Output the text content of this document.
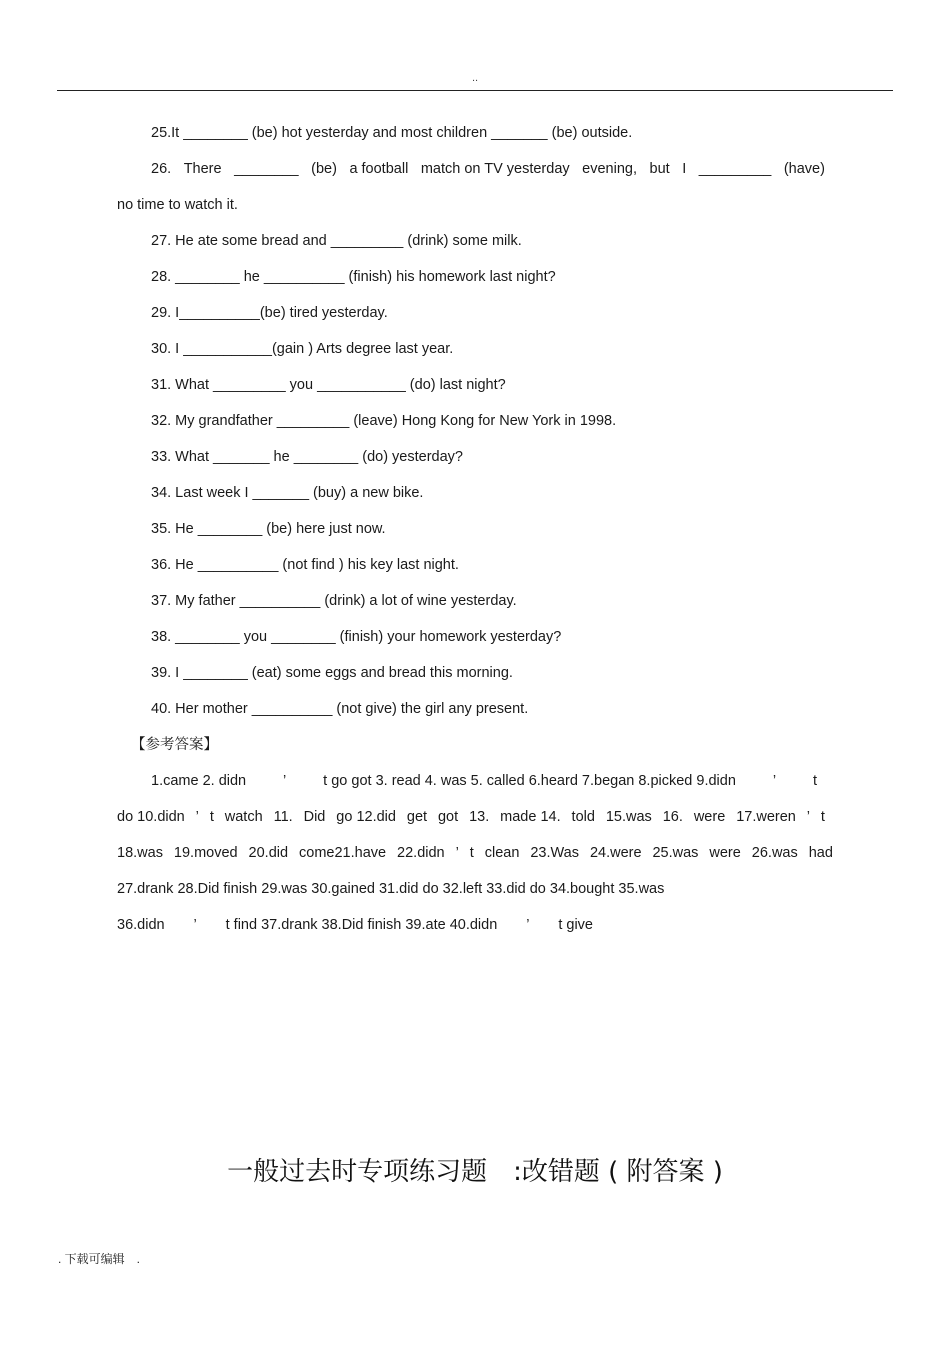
..
25.It ________ (be) hot yesterday and most children _______ (be) outside.
26. There ________ (be) a football match on TV yesterday evening, but I _________ (have)
no time to watch it.
27. He ate some bread and _________ (drink) some milk.
28. ________ he __________ (finish) his homework last night?
29. I__________(be) tired yesterday.
30. I ___________(gain ) Arts degree last year.
31. What _________ you ___________ (do) last night?
32. My grandfather _________ (leave) Hong Kong for New York in 1998.
33. What _______ he ________ (do) yesterday?
34. Last week I _______ (buy) a new bike.
35. He ________ (be) here just now.
36. He __________ (not find ) his key last night.
37. My father __________ (drink) a lot of wine yesterday.
38. ________ you ________ (finish) your homework yesterday?
39. I ________ (eat) some eggs and bread this morning.
40. Her mother __________ (not give) the girl any present.
【参考答案】
1.came 2. didn	’	t go got 3. read 4. was 5. called 6.heard 7.began 8.picked 9.didn	’	t
do 10.didn ’ t watch 11. Did go 12.did get got 13. made 14. told 15.was 16. were 17.weren ’ t
18.was 19.moved 20.did come21.have 22.didn ’ t clean 23.Was 24.were 25.was were 26.was had
27.drank 28.Did finish 29.was 30.gained 31.did do 32.left 33.did do 34.bought 35.was
36.didn ’ t find 37.drank 38.Did finish 39.ate 40.didn ’ t give
一般过去时专项练习题　:改错题 ( 附答案 )
. 下载可编辑　.
